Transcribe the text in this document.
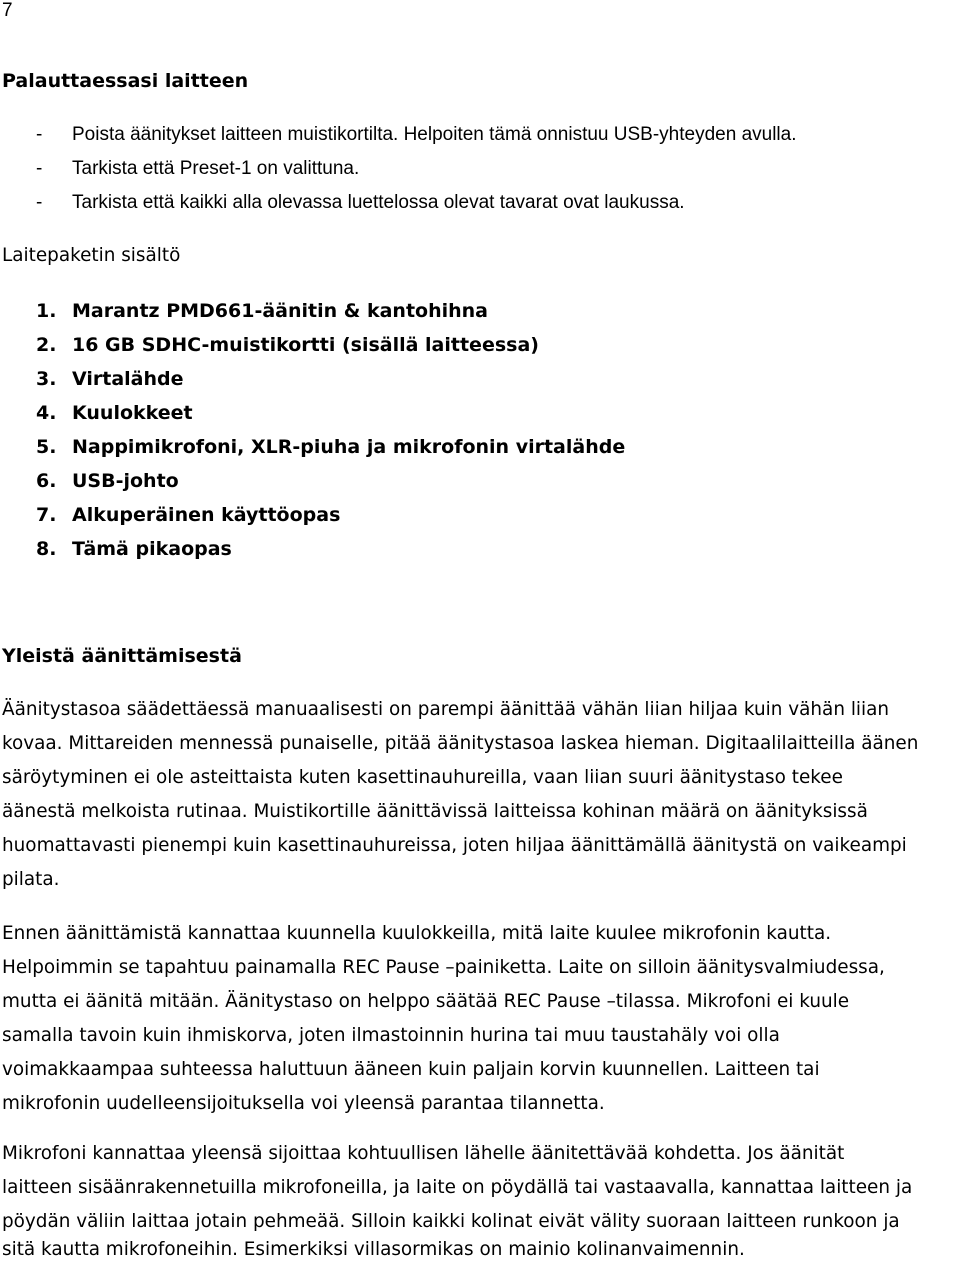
7
Palauttaessasi laitteen
- Poista äänitykset laitteen muistikortilta. Helpoiten tämä onnistuu USB-yhteyden avulla.
- Tarkista että Preset-1 on valittuna.
- Tarkista että kaikki alla olevassa luettelossa olevat tavarat ovat laukussa.
Laitepaketin sisältö
1. Marantz PMD661-äänitin & kantohihna
2. 16 GB SDHC-muistikortti (sisällä laitteessa)
3. Virtalähde
4. Kuulokkeet
5. Nappimikrofoni, XLR-piuha ja mikrofonin virtalähde
6. USB-johto
7. Alkuperäinen käyttöopas
8. Tämä pikaopas
Yleistä äänittämisestä
Äänitystasoa säädettäessä manuaalisesti on parempi äänittää vähän liian hiljaa kuin vähän liian
kovaa. Mittareiden mennessä punaiselle, pitää äänitystasoa laskea hieman. Digitaalilaitteilla äänen
säröytyminen ei ole asteittaista kuten kasettinauhureilla, vaan liian suuri äänitystaso tekee
äänestä melkoista rutinaa. Muistikortille äänittävissä laitteissa kohinan määrä on äänityksissä
huomattavasti pienempi kuin kasettinauhureissa, joten hiljaa äänittämällä äänitystä on vaikeampi
pilata.
Ennen äänittämistä kannattaa kuunnella kuulokkeilla, mitä laite kuulee mikrofonin kautta.
Helpoimmin se tapahtuu painamalla REC Pause –painiketta. Laite on silloin äänitysvalmiudessa,
mutta ei äänitä mitään. Äänitystaso on helppo säätää REC Pause –tilassa. Mikrofoni ei kuule
samalla tavoin kuin ihmiskorva, joten ilmastoinnin hurina tai muu taustahäly voi olla
voimakkaampaa suhteessa haluttuun ääneen kuin paljain korvin kuunnellen. Laitteen tai
mikrofonin uudelleensijoituksella voi yleensä parantaa tilannetta.
Mikrofoni kannattaa yleensä sijoittaa kohtuullisen lähelle äänitettävää kohdetta. Jos äänität
laitteen sisäänrakennetuilla mikrofoneilla, ja laite on pöydällä tai vastaavalla, kannattaa laitteen ja
pöydän väliin laittaa jotain pehmeää. Silloin kaikki kolinat eivät välity suoraan laitteen runkoon ja
sitä kautta mikrofoneihin. Esimerkiksi villasormikas on mainio kolinanvaimennin.
